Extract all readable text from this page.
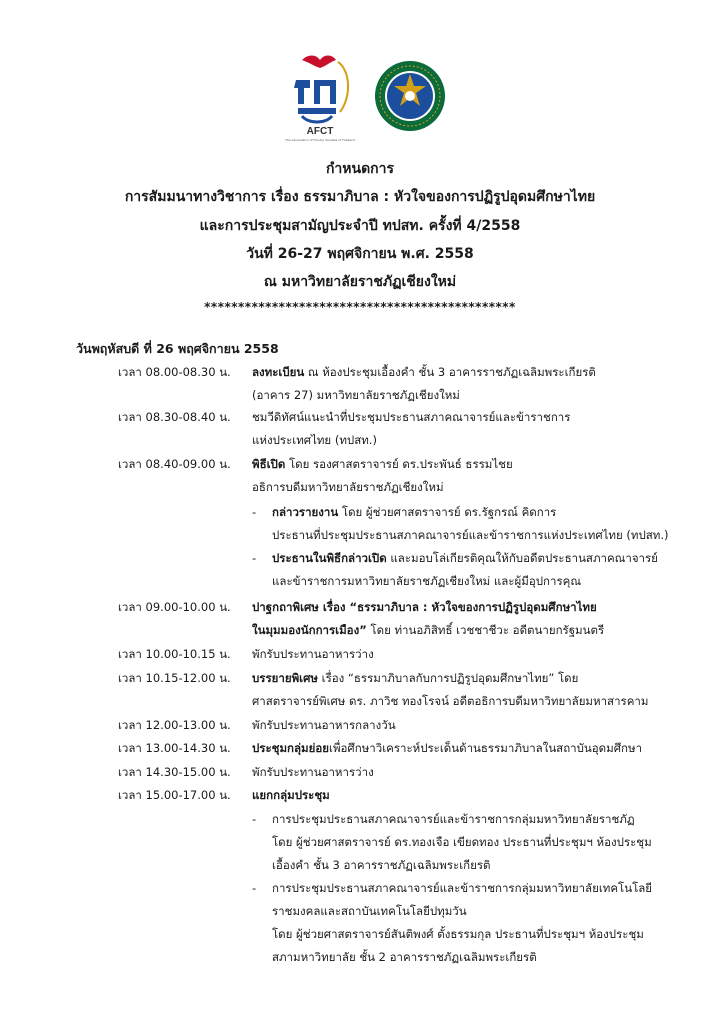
AFCT
The Association of Faculty Senates of Thailand
กำหนดการ
การสัมมนาทางวิชาการ เรื่อง ธรรมาภิบาล : หัวใจของการปฏิรูปอุดมศึกษาไทย
และการประชุมสามัญประจำปี ทปสท. ครั้งที่ 4/2558
วันที่ 26-27 พฤศจิกายน พ.ศ. 2558
ณ มหาวิทยาลัยราชภัฏเชียงใหม่
**********************************************
วันพฤหัสบดี ที่ 26 พฤศจิกายน 2558
เวลา 08.00-08.30 น.	ลงทะเบียน ณ ห้องประชุมเอื้องคำ ชั้น 3 อาคารราชภัฏเฉลิมพระเกียรติ
(อาคาร 27) มหาวิทยาลัยราชภัฏเชียงใหม่
เวลา 08.30-08.40 น.	ชมวีดิทัศน์แนะนำที่ประชุมประธานสภาคณาจารย์และข้าราชการ
แห่งประเทศไทย (ทปสท.)
เวลา 08.40-09.00 น.	พิธีเปิด โดย รองศาสตราจารย์ ดร.ประพันธ์ ธรรมไชย
อธิการบดีมหาวิทยาลัยราชภัฏเชียงใหม่
- กล่าวรายงาน โดย ผู้ช่วยศาสตราจารย์ ดร.รัฐกรณ์ คิดการ
ประธานที่ประชุมประธานสภาคณาจารย์และข้าราชการแห่งประเทศไทย (ทปสท.)
- ประธานในพิธีกล่าวเปิด และมอบโล่เกียรติคุณให้กับอดีตประธานสภาคณาจารย์
และข้าราชการมหาวิทยาลัยราชภัฏเชียงใหม่ และผู้มีอุปการคุณ
เวลา 09.00-10.00 น.	ปาฐกถาพิเศษ เรื่อง “ธรรมาภิบาล : หัวใจของการปฏิรูปอุดมศึกษาไทย
ในมุมมองนักการเมือง” โดย ท่านอภิสิทธิ์ เวชชาชีวะ อดีตนายกรัฐมนตรี
เวลา 10.00-10.15 น.	พักรับประทานอาหารว่าง
เวลา 10.15-12.00 น.	บรรยายพิเศษ เรื่อง “ธรรมาภิบาลกับการปฏิรูปอุดมศึกษาไทย” โดย
ศาสตราจารย์พิเศษ ดร. ภาวิช ทองโรจน์ อดีตอธิการบดีมหาวิทยาลัยมหาสารคาม
เวลา 12.00-13.00 น.	พักรับประทานอาหารกลางวัน
เวลา 13.00-14.30 น.	ประชุมกลุ่มย่อยเพื่อศึกษาวิเคราะห์ประเด็นด้านธรรมาภิบาลในสถาบันอุดมศึกษา
เวลา 14.30-15.00 น.	พักรับประทานอาหารว่าง
เวลา 15.00-17.00 น.	แยกกลุ่มประชุม
- การประชุมประธานสภาคณาจารย์และข้าราชการกลุ่มมหาวิทยาลัยราชภัฏ
โดย ผู้ช่วยศาสตราจารย์ ดร.ทองเจือ เขียดทอง ประธานที่ประชุมฯ ห้องประชุม
เอื้องคำ ชั้น 3 อาคารราชภัฏเฉลิมพระเกียรติ
- การประชุมประธานสภาคณาจารย์และข้าราชการกลุ่มมหาวิทยาลัยเทคโนโลยี
ราชมงคลและสถาบันเทคโนโลยีปทุมวัน
โดย ผู้ช่วยศาสตราจารย์สันติพงศ์ ตั้งธรรมกุล ประธานที่ประชุมฯ ห้องประชุม
สภามหาวิทยาลัย ชั้น 2 อาคารราชภัฏเฉลิมพระเกียรติ
